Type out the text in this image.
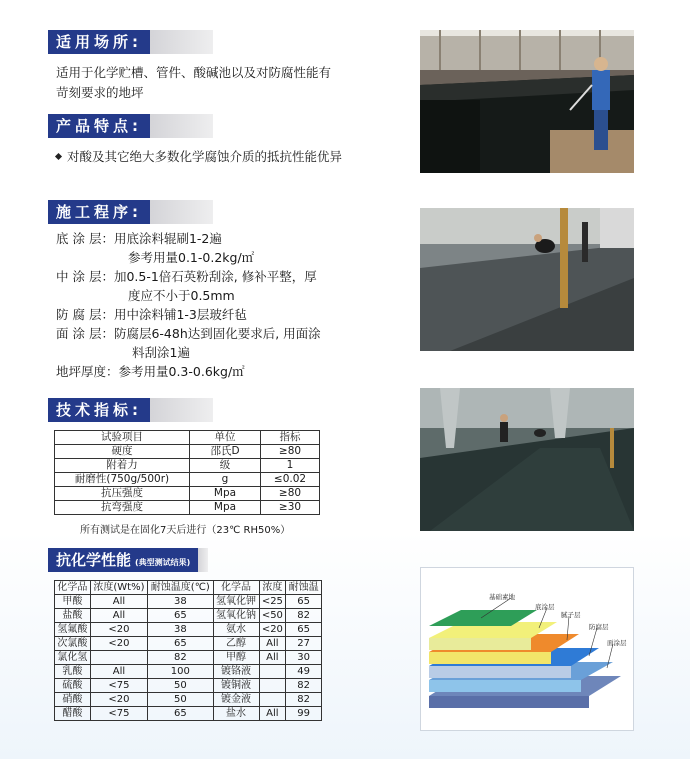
适用场所:
适用于化学贮槽、管件、酸碱池以及对防腐性能有
苛刻要求的地坪
产品特点:
对酸及其它绝大多数化学腐蚀介质的抵抗性能优异
施工程序:
底 涂 层：用底涂料辊刷1-2遍
参考用量0.1-0.2kg/㎡
中 涂 层：加0.5-1倍石英粉刮涂, 修补平整，厚
度应不小于0.5mm
防 腐 层：用中涂料铺1-3层玻纤毡
面 涂 层：防腐层6-48h达到固化要求后, 用面涂
料刮涂1遍
地坪厚度：参考用量0.3-0.6kg/㎡
技术指标:
试验项目	单位	指标
硬度	邵氏D	≥80
附着力	级	1
耐磨性(750g/500r)	g	≤0.02
抗压强度	Mpa	≥80
抗弯强度	Mpa	≥30
所有测试是在固化7天后进行（23℃ RH50%）
抗化学性能 (典型测试结果)
化学品	浓度(Wt%)	耐蚀温度(℃)	化学品	浓度	耐蚀温
甲酸	All	38	氢氧化钾	<25	65
盐酸	All	65	氢氧化钠	<50	82
氢氟酸	<20	38	氨水	<20	65
次氯酸	<20	65	乙醇	All	27
氯化氢		82	甲醇	All	30
乳酸	All	100	镀铬液		49
硫酸	<75	50	镀铜液		82
硝酸	<20	50	镀金液		82
醋酸	<75	65	盐水	All	99
基础素地
底涂层
腻子层
防腐层
面涂层
